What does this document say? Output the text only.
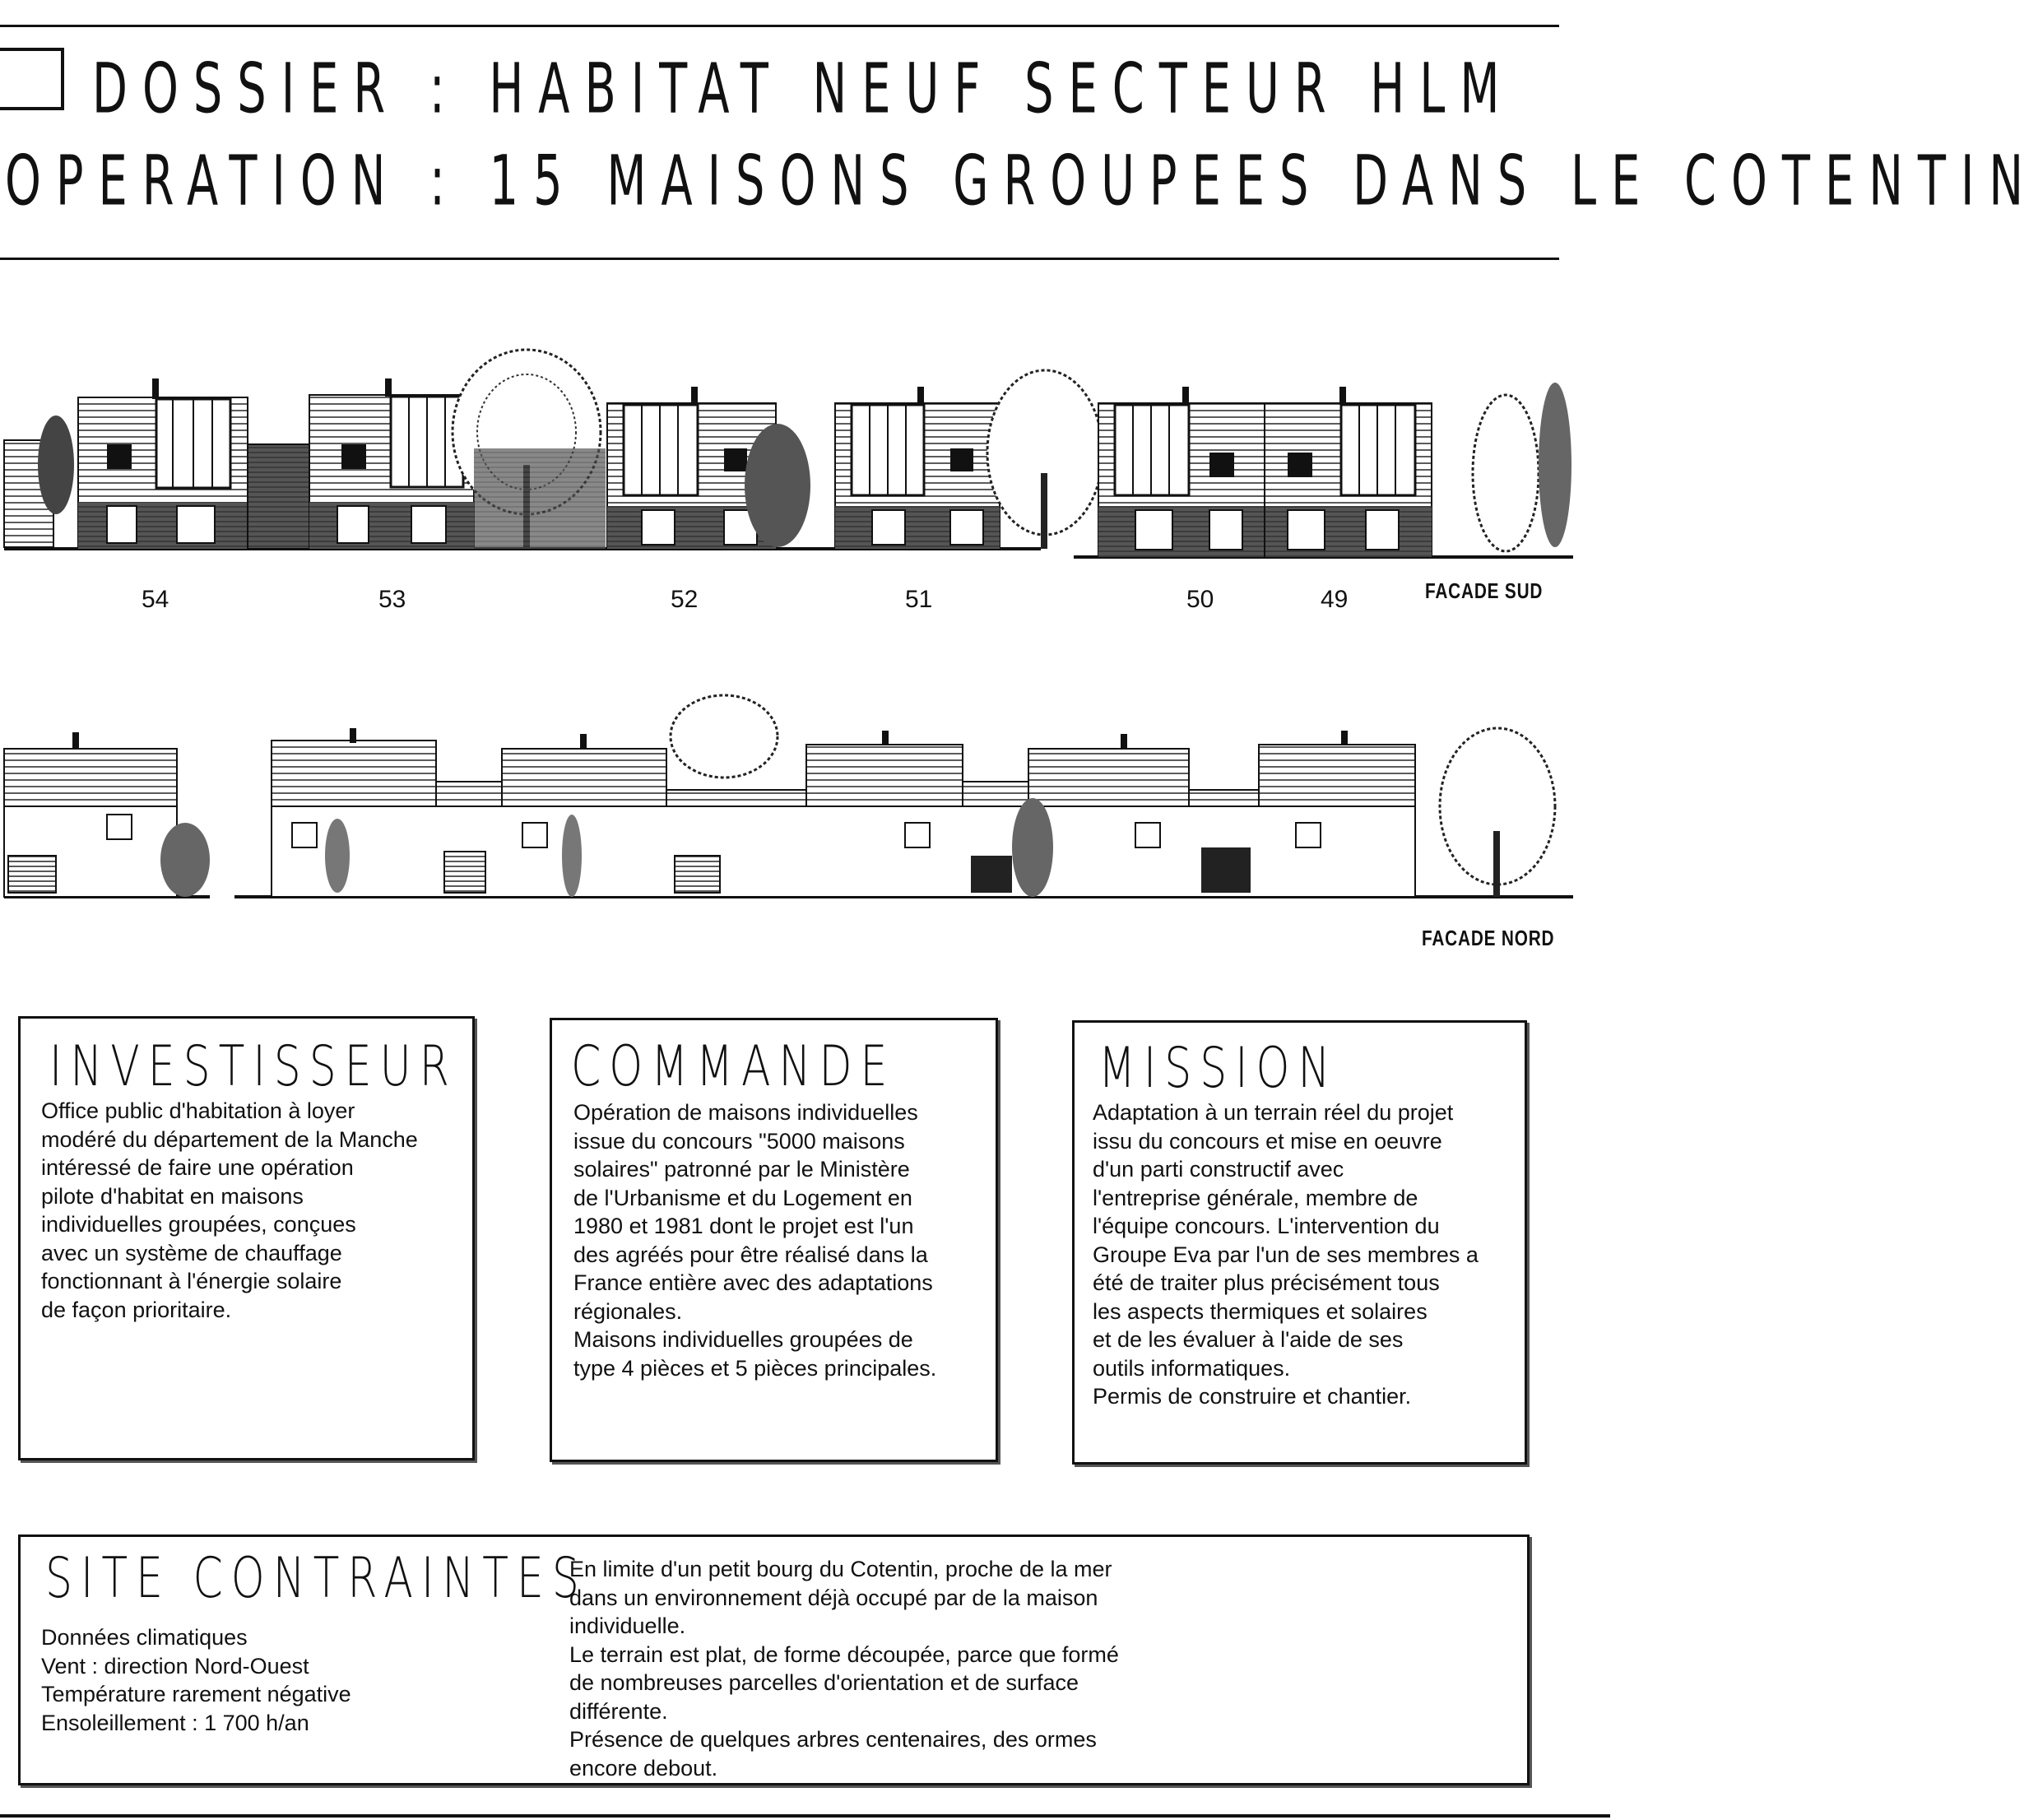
DOSSIER : HABITAT NEUF SECTEUR HLM
OPERATION : 15 MAISONS GROUPEES DANS LE COTENTIN
54	53	52	51	50	49	FACADE SUD
FACADE NORD
INVESTISSEUR
Office public d'habitation à loyer
modéré du département de la Manche
intéressé de faire une opération
pilote d'habitat en maisons
individuelles groupées, conçues
avec un système de chauffage
fonctionnant à l'énergie solaire
de façon prioritaire.
COMMANDE
Opération de maisons individuelles
issue du concours "5000 maisons
solaires" patronné par le Ministère
de l'Urbanisme et du Logement en
1980 et 1981 dont le projet est l'un
des agréés pour être réalisé dans la
France entière avec des adaptations
régionales.
Maisons individuelles groupées de
type 4 pièces et 5 pièces principales.
MISSION
Adaptation à un terrain réel du projet
issu du concours et mise en oeuvre
d'un parti constructif avec
l'entreprise générale, membre de
l'équipe concours. L'intervention du
Groupe Eva par l'un de ses membres a
été de traiter plus précisément tous
les aspects thermiques et solaires
et de les évaluer à l'aide de ses
outils informatiques.
Permis de construire et chantier.
SITE CONTRAINTES
Données climatiques
Vent : direction Nord-Ouest
Température rarement négative
Ensoleillement : 1 700 h/an
En limite d'un petit bourg du Cotentin, proche de la mer
dans un environnement déjà occupé par de la maison
individuelle.
Le terrain est plat, de forme découpée, parce que formé
de nombreuses parcelles d'orientation et de surface
différente.
Présence de quelques arbres centenaires, des ormes
encore debout.
